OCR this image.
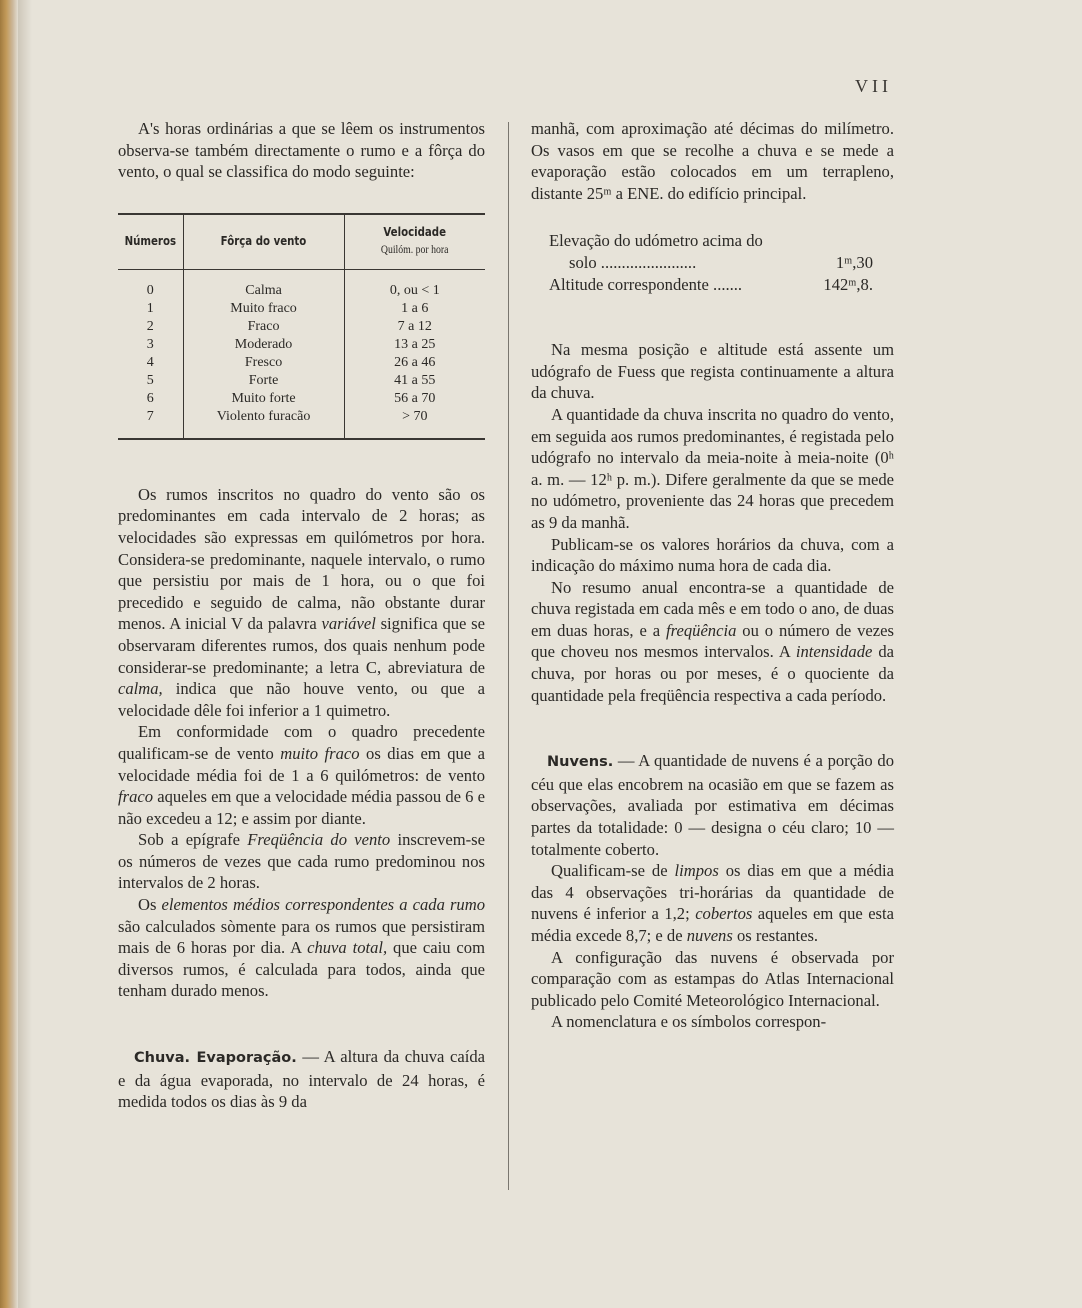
VII

A's horas ordinárias a que se lêem os instrumentos observa-se também directamente o rumo e a fôrça do vento, o qual se classifica do modo seguinte:

Números	Fôrça do vento	Velocidade
Quilóm. por hora

0	Calma	0, ou < 1
1	Muito fraco	1 a 6
2	Fraco	7 a 12
3	Moderado	13 a 25
4	Fresco	26 a 46
5	Forte	41 a 55
6	Muito forte	56 a 70
7	Violento furacão	> 70

Os rumos inscritos no quadro do vento são os predominantes em cada intervalo de 2 horas; as velocidades são expressas em quilómetros por hora. Considera-se predominante, naquele intervalo, o rumo que persistiu por mais de 1 hora, ou o que foi precedido e seguido de calma, não obstante durar menos. A inicial V da palavra variável significa que se observaram diferentes rumos, dos quais nenhum pode considerar-se predominante; a letra C, abreviatura de calma, indica que não houve vento, ou que a velocidade dêle foi inferior a 1 quimetro.

Em conformidade com o quadro precedente qualificam-se de vento muito fraco os dias em que a velocidade média foi de 1 a 6 quilómetros: de vento fraco aqueles em que a velocidade média passou de 6 e não excedeu a 12; e assim por diante.

Sob a epígrafe Freqüência do vento inscrevem-se os números de vezes que cada rumo predominou nos intervalos de 2 horas.

Os elementos médios correspondentes a cada rumo são calculados sòmente para os rumos que persistiram mais de 6 horas por dia. A chuva total, que caiu com diversos rumos, é calculada para todos, ainda que tenham durado menos.

Chuva. Evaporação. — A altura da chuva caída e da água evaporada, no intervalo de 24 horas, é medida todos os dias às 9 da

manhã, com aproximação até décimas do milímetro. Os vasos em que se recolhe a chuva e se mede a evaporação estão colocados em um terrapleno, distante 25ᵐ a ENE. do edifício principal.

Elevação do udómetro acima do
solo .......................	1ᵐ,30
Altitude correspondente .......	142ᵐ,8.

Na mesma posição e altitude está assente um udógrafo de Fuess que regista continuamente a altura da chuva.

A quantidade da chuva inscrita no quadro do vento, em seguida aos rumos predominantes, é registada pelo udógrafo no intervalo da meia-noite à meia-noite (0ʰ a. m. — 12ʰ p. m.). Difere geralmente da que se mede no udómetro, proveniente das 24 horas que precedem as 9 da manhã.

Publicam-se os valores horários da chuva, com a indicação do máximo numa hora de cada dia.

No resumo anual encontra-se a quantidade de chuva registada em cada mês e em todo o ano, de duas em duas horas, e a freqüência ou o número de vezes que choveu nos mesmos intervalos. A intensidade da chuva, por horas ou por meses, é o quociente da quantidade pela freqüência respectiva a cada período.

Nuvens. — A quantidade de nuvens é a porção do céu que elas encobrem na ocasião em que se fazem as observações, avaliada por estimativa em décimas partes da totalidade: 0 — designa o céu claro; 10 — totalmente coberto.

Qualificam-se de limpos os dias em que a média das 4 observações tri-horárias da quantidade de nuvens é inferior a 1,2; cobertos aqueles em que esta média excede 8,7; e de nuvens os restantes.

A configuração das nuvens é observada por comparação com as estampas do Atlas Internacional publicado pelo Comité Meteorológico Internacional.

A nomenclatura e os símbolos correspon-
